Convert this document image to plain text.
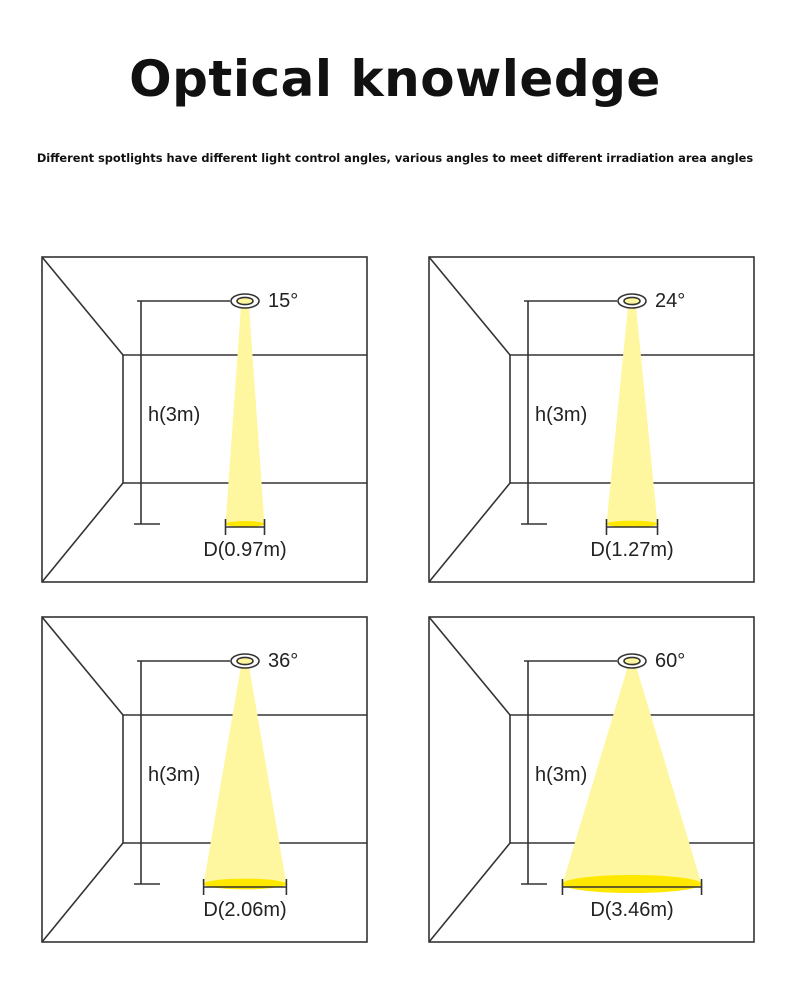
Optical knowledge
Different spotlights have different light control angles, various angles to meet different irradiation area angles
15°
h(3m)
D(0.97m)
24°
h(3m)
D(1.27m)
36°
h(3m)
D(2.06m)
60°
h(3m)
D(3.46m)
